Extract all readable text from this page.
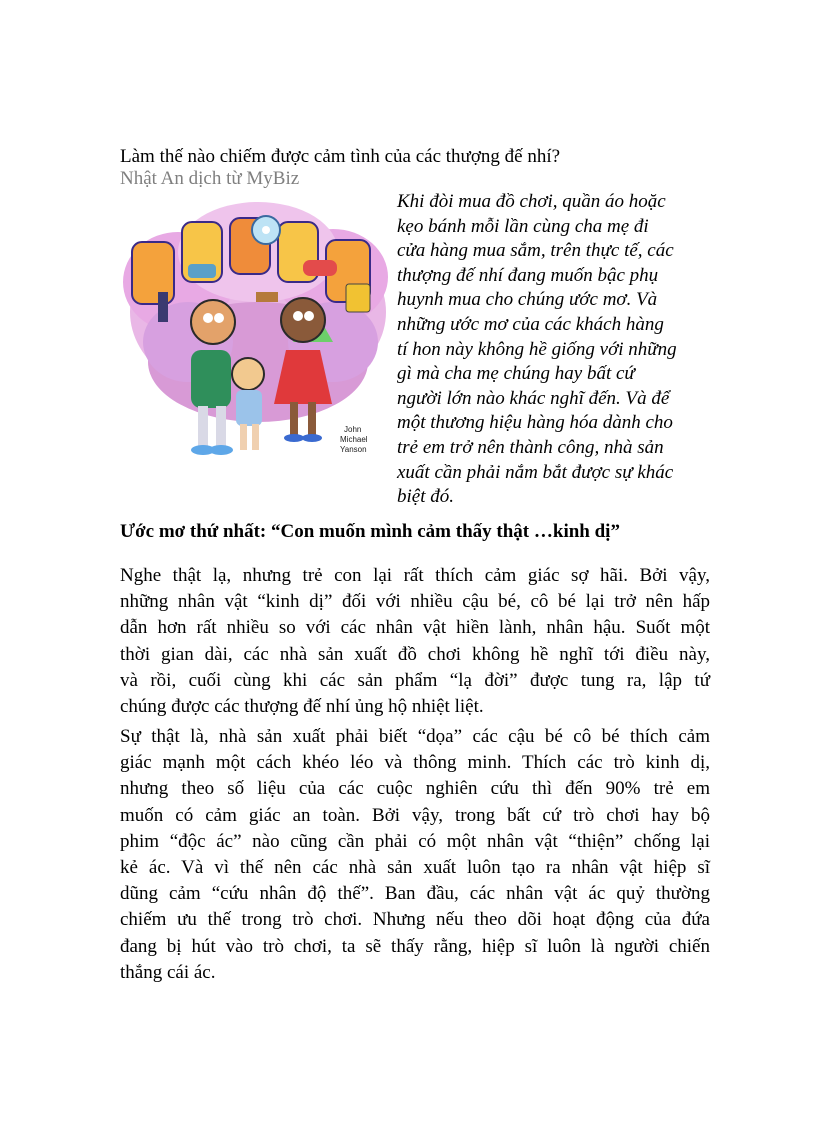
Làm thế nào chiếm được cảm tình của các thượng đế nhí?
Nhật An dịch từ MyBiz
John
Michael
Yanson
Khi đòi mua đồ chơi, quần áo hoặc
kẹo bánh mỗi lần cùng cha mẹ đi
cửa hàng mua sắm, trên thực tế, các
thượng đế nhí đang muốn bậc phụ
huynh mua cho chúng ước mơ. Và
những ước mơ của các khách hàng
tí hon này không hề giống với những
gì mà cha mẹ chúng hay bất cứ
người lớn nào khác nghĩ đến. Và để
một thương hiệu hàng hóa dành cho
trẻ em trở nên thành công, nhà sản
xuất cần phải nắm bắt được sự khác
biệt đó.
Ước mơ thứ nhất: “Con muốn mình cảm thấy thật …kinh dị”
Nghe thật lạ, nhưng trẻ con lại rất thích cảm giác sợ hãi. Bởi vậy,
những nhân vật “kinh dị” đối với nhiều cậu bé, cô bé lại trở nên hấp
dẫn hơn rất nhiều so với các nhân vật hiền lành, nhân hậu. Suốt một
thời gian dài, các nhà sản xuất đồ chơi không hề nghĩ tới điều này,
và rồi, cuối cùng khi các sản phẩm “lạ đời” được tung ra, lập tứ
chúng được các thượng đế nhí ủng hộ nhiệt liệt.
Sự thật là, nhà sản xuất phải biết “dọa” các cậu bé cô bé thích cảm
giác mạnh một cách khéo léo và thông minh. Thích các trò kinh dị,
nhưng theo số liệu của các cuộc nghiên cứu thì đến 90% trẻ em
muốn có cảm giác an toàn. Bởi vậy, trong bất cứ trò chơi hay bộ
phim “độc ác” nào cũng cần phải có một nhân vật “thiện” chống lại
kẻ ác. Và vì thế nên các nhà sản xuất luôn tạo ra nhân vật hiệp sĩ
dũng cảm “cứu nhân độ thế”. Ban đầu, các nhân vật ác quỷ thường
chiếm ưu thế trong trò chơi. Nhưng nếu theo dõi hoạt động của đứa
đang bị hút vào trò chơi, ta sẽ thấy rằng, hiệp sĩ luôn là người chiến
thắng cái ác.
